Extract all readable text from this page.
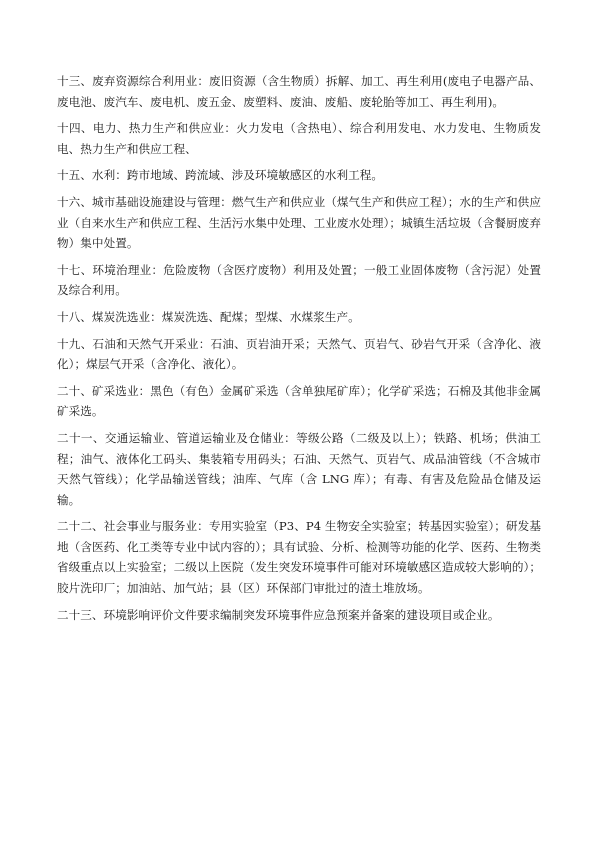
十三、废弃资源综合利用业：废旧资源（含生物质）拆解、加工、再生利用(废电子电器产品、废电池、废汽车、废电机、废五金、废塑料、废油、废船、废轮胎等加工、再生利用)。

十四、电力、热力生产和供应业：火力发电（含热电）、综合利用发电、水力发电、生物质发电、热力生产和供应工程、

十五、水利：跨市地域、跨流域、涉及环境敏感区的水利工程。

十六、城市基础设施建设与管理：燃气生产和供应业（煤气生产和供应工程）；水的生产和供应业（自来水生产和供应工程、生活污水集中处理、工业废水处理）；城镇生活垃圾（含餐厨废弃物）集中处置。

十七、环境治理业：危险废物（含医疗废物）利用及处置；一般工业固体废物（含污泥）处置及综合利用。

十八、煤炭洗选业：煤炭洗选、配煤；型煤、水煤浆生产。

十九、石油和天然气开采业：石油、页岩油开采；天然气、页岩气、砂岩气开采（含净化、液化）；煤层气开采（含净化、液化）。

二十、矿采选业：黑色（有色）金属矿采选（含单独尾矿库）；化学矿采选；石棉及其他非金属矿采选。

二十一、交通运输业、管道运输业及仓储业：等级公路（二级及以上）；铁路、机场；供油工程；油气、液体化工码头、集装箱专用码头；石油、天然气、页岩气、成品油管线（不含城市天然气管线）；化学品输送管线；油库、气库（含 LNG 库）；有毒、有害及危险品仓储及运输。

二十二、社会事业与服务业：专用实验室（P3、P4 生物安全实验室；转基因实验室）；研发基地（含医药、化工类等专业中试内容的）；具有试验、分析、检测等功能的化学、医药、生物类省级重点以上实验室；二级以上医院（发生突发环境事件可能对环境敏感区造成较大影响的）；胶片洗印厂；加油站、加气站；县（区）环保部门审批过的渣土堆放场。

二十三、环境影响评价文件要求编制突发环境事件应急预案并备案的建设项目或企业。
